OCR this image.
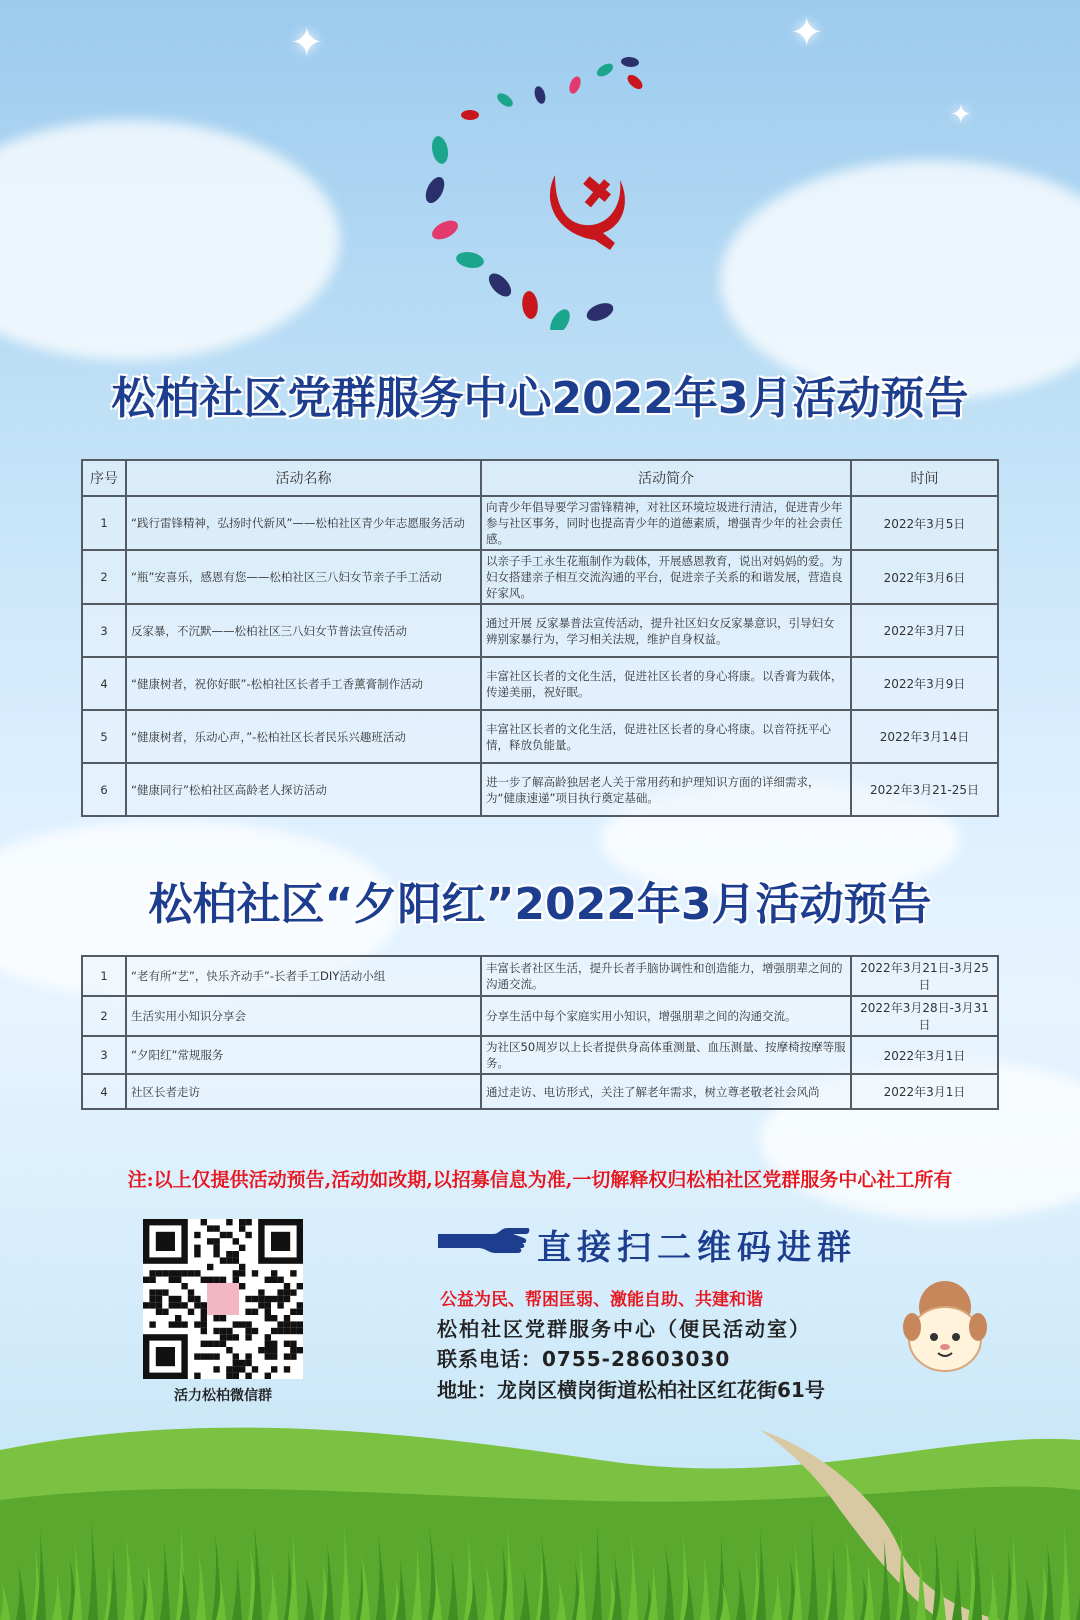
✦	✦
✦
松柏社区党群服务中心2022年3月活动预告
序号	活动名称	活动简介	时间
1	“践行雷锋精神，弘扬时代新风”——松柏社区青少年志愿服务活动	向青少年倡导要学习雷锋精神，对社区环境垃圾进行清洁，促进青少年参与社区事务，同时也提高青少年的道德素质，增强青少年的社会责任感。	2022年3月5日
2	“瓶”安喜乐，感恩有您——松柏社区三八妇女节亲子手工活动	以亲子手工永生花瓶制作为载体，开展感恩教育，说出对妈妈的爱。为妇女搭建亲子相互交流沟通的平台，促进亲子关系的和谐发展，营造良好家风。	2022年3月6日
3	反家暴，不沉默——松柏社区三八妇女节普法宣传活动	通过开展 反家暴普法宣传活动，提升社区妇女反家暴意识，引导妇女辨别家暴行为，学习相关法规，维护自身权益。	2022年3月7日
4	“健康树者，祝你好眠”-松柏社区长者手工香薰膏制作活动	丰富社区长者的文化生活，促进社区长者的身心将康。以香膏为载体，传递美丽，祝好眠。	2022年3月9日
5	“健康树者，乐动心声，”-松柏社区长者民乐兴趣班活动	丰富社区长者的文化生活，促进社区长者的身心将康。以音符抚平心情，释放负能量。	2022年3月14日
6	“健康同行”松柏社区高龄老人探访活动	进一步了解高龄独居老人关于常用药和护理知识方面的详细需求，为“健康速递”项目执行奠定基础。	2022年3月21-25日
松柏社区“夕阳红”2022年3月活动预告
1	“老有所“艺”，快乐齐动手”-长者手工DIY活动小组	丰富长者社区生活，提升长者手脑协调性和创造能力，增强朋辈之间的沟通交流。	2022年3月21日-3月25日
2	生活实用小知识分享会	分享生活中每个家庭实用小知识，增强朋辈之间的沟通交流。	2022年3月28日-3月31日
3	“夕阳红”常规服务	为社区50周岁以上长者提供身高体重测量、血压测量、按摩椅按摩等服务。	2022年3月1日
4	社区长者走访	通过走访、电访形式，关注了解老年需求，树立尊老敬老社会风尚	2022年3月1日
注:以上仅提供活动预告,活动如改期,以招募信息为准,一切解释权归松柏社区党群服务中心社工所有
活力松柏微信群
直接扫二维码进群
公益为民、帮困匡弱、激能自助、共建和谐
松柏社区党群服务中心（便民活动室）
联系电话：0755-28603030
地址：龙岗区横岗街道松柏社区红花街61号
